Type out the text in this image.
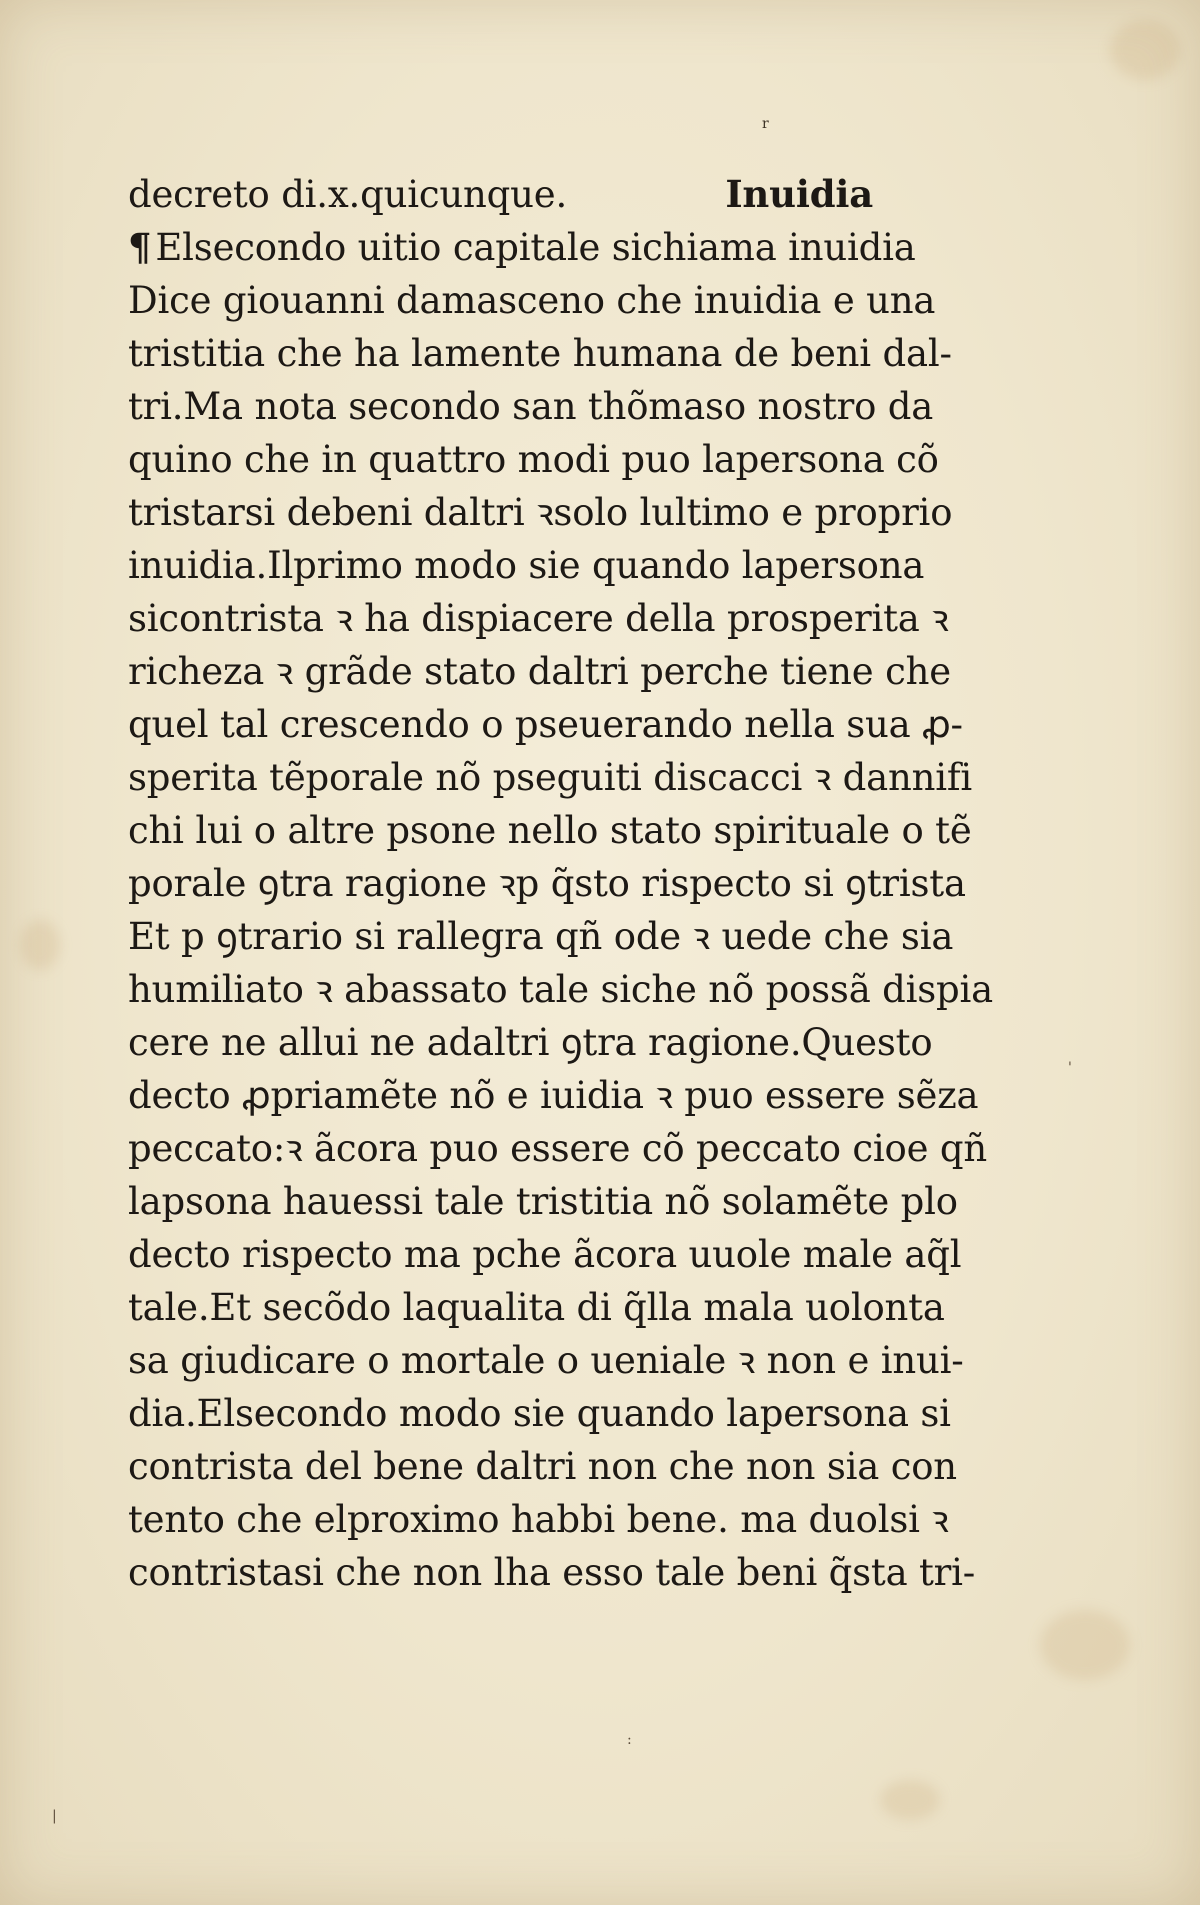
r
decreto di.x.quicunque.	Inuidia
¶ Elsecondo uitio capitale sichiama inuidia
Dice giouanni damasceno che inuidia e una
tristitia che ha lamente humana de beni dal-
tri.Ma nota secondo san thõmaso nostro da
quino che in quattro modi puo lapersona cõ
tristarsi debeni daltri ꝛsolo lultimo e proprio
inuidia.Ilprimo modo sie quando lapersona
sicontrista ꝛ ha dispiacere della prosperita ꝛ
richeza ꝛ grãde stato daltri perche tiene che
quel tal crescendo o pseuerando nella sua ꝓ-
sperita tẽporale nõ pseguiti discacci ꝛ dannifi
chi lui o altre psone nello stato spirituale o tẽ
porale ꝯtra ragione ꝛp q̃sto rispecto si ꝯtrista
Et p ꝯtrario si rallegra qñ ode ꝛ uede che sia
humiliato ꝛ abassato tale siche nõ possã dispia
cere ne allui ne adaltri ꝯtra ragione.Questo
decto ꝓpriamẽte nõ e iuidia ꝛ puo essere sẽza
peccato:ꝛ ãcora puo essere cõ peccato cioe qñ
lapsona hauessi tale tristitia nõ solamẽte plo
decto rispecto ma pche ãcora uuole male aq̃l
tale.Et secõdo laqualita di q̃lla mala uolonta
sa giudicare o mortale o ueniale ꝛ non e inui-
dia.Elsecondo modo sie quando lapersona si
contrista del bene daltri non che non sia con
tento che elproximo habbi bene. ma duolsi ꝛ
contristasi che non lha esso tale beni q̃sta tri-
'
|
:
